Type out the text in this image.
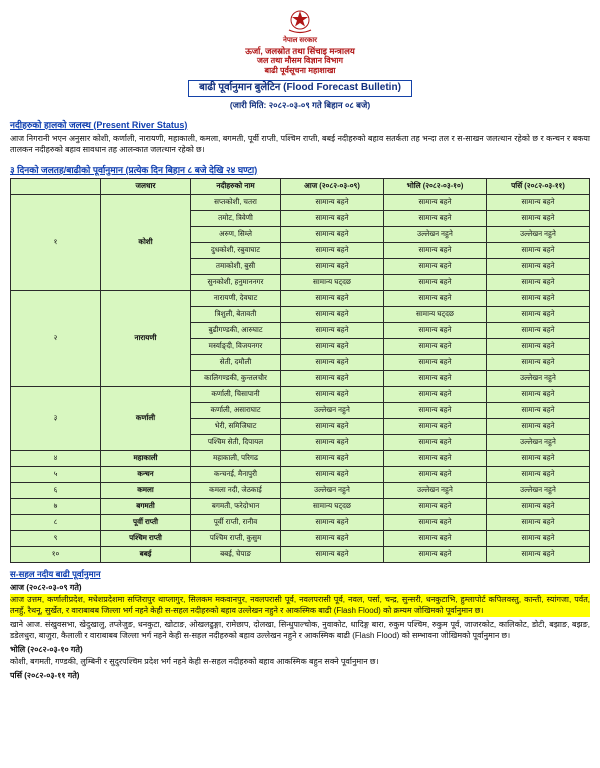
नेपाल सरकार
ऊर्जा, जलस्रोत तथा सिंचाइ मन्त्रालय
जल तथा मौसम विज्ञान विभाग
बाढी पूर्वसूचना महाशाखा
बाढी पूर्वानुमान बुलेटिन (Flood Forecast Bulletin)
(जारी मिति: २०८२-०३-०९ गते बिहान ०८ बजे)
नदीहरुको हालको जलस्थ (Present River Status)
आज निगरानी भएन अनुसार कोशी, कर्णाली, नारायणी, महाकाली, कमला, बगमती, पूर्वी राप्ती, पश्चिम राप्ती, बबई नदीहरुको बहाव सतर्कता तह भन्दा तल र स-साखन जलत्थान रहेको छ र कन्चन र बकया तालकन नदीहरुको बहाव सावधान तह आलन्कात जलत्थान रहेको छ।
३ दिनको जलतह/बाढीको पूर्वानुमान (प्रत्येक दिन बिहान ८ बजे देखि २४ घण्टा)
	जलधार	नदीहरुको नाम	आज (२०८२-०३-०९)	भोलि (२०८२-०३-१०)	पर्सि (२०८२-०३-११)
१	कोशी	सप्तकोशी, चतरा	सामान्य बहने	सामान्य बहने	सामान्य बहने
		तमोट, त्रिवेणी	सामान्य बहने	सामान्य बहने	सामान्य बहने
		अरुण, सिम्ले	सामान्य बहने	उल्लेखन नहुने	उल्लेखन नहुने
		दुधकोशी, रबुवाघाट	सामान्य बहने	सामान्य बहने	सामान्य बहने
		तमाकोशी, बुसी	सामान्य बहने	सामान्य बहने	सामान्य बहने
		सुनकोशी, हनुमाननगर	सामान्य घट्दछ	सामान्य बहने	सामान्य बहने
२	नारायणी	नारायणी, देवघाट	सामान्य बहने	सामान्य बहने	सामान्य बहने
		त्रिशुली, बेतावती	सामान्य बहने	सामान्य घट्दछ	सामान्य बहने
		बुढीगण्डकी, आरुघाट	सामान्य बहने	सामान्य बहने	सामान्य बहने
		मर्स्याङ्दी, विजयनगर	सामान्य बहने	सामान्य बहने	सामान्य बहने
		सेती, दमौली	सामान्य बहने	सामान्य बहने	सामान्य बहने
		कालिगण्डकी, कुन्तलचौर	सामान्य बहने	सामान्य बहने	उल्लेखन नहुने
३	कर्णाली	कर्णाली, चिसापानी	सामान्य बहने	सामान्य बहने	सामान्य बहने
		कर्णाली, असाराघाट	उल्लेखन नहुने	सामान्य बहने	सामान्य बहने
		भेरी, समिजिघाट	सामान्य बहने	सामान्य बहने	सामान्य बहने
		पश्चिम सेती, दिपायल	सामान्य बहने	सामान्य बहने	उल्लेखन नहुने
४	महाकाली	महाकाली, परिगढ	सामान्य बहने	सामान्य बहने	सामान्य बहने
५	कन्चन	कन्चनई, मैनापुरी	सामान्य बहने	सामान्य बहने	सामान्य बहने
६	कमला	कमला नदी, जेठकाई	उल्लेखन नहुने	उल्लेखन नहुने	उल्लेखन नहुने
७	बगमती	बगमती, फरेदोभान	सामान्य घट्दछ	सामान्य बहने	सामान्य बहने
८	पूर्वी राप्ती	पूर्वी राप्ती, रानीव	सामान्य बहने	सामान्य बहने	सामान्य बहने
९	पश्चिम राप्ती	पश्चिम राप्ती, कुसुम	सामान्य बहने	सामान्य बहने	सामान्य बहने
१०	बबई	बबई, चेपाङ	सामान्य बहने	सामान्य बहने	सामान्य बहने
स-सहल नदीय बाढी पूर्वानुमान
आज (२०८२-०३-०९ गते)
आज उत्तम, कर्णालीप्रदेश, मधेशप्रदेशमा सप्तिरापुर थाप्लागुर, सिलकम मकवानपुर, नवलपरासी पूर्व, नवलपरासी पूर्व, नवल, पर्सा, चन्द्र, सुन्सरी, धनकुटाभि, हुम्लापोर्ट कपिलवस्तु, कान्ती, स्यांगजा, पर्वत, तनहुँ, रैथनू, सुर्खेत, र वाराबाबब जिल्ला भर्ग नहने केही स-सहल नदीहरुको बहाव उल्लेखन नहुने र आकस्मिक बाढी (Flash Flood) को क्रम्यम जोखिमको पूर्वानुमान छ।
खाने आज. संखुवसभा, खेदुखालु, तप्लेजुङ, धनकुटा, खोटाङ, ओखलढुङ्गा, रामेछाप, दोलखा, सिन्धुपाल्चोक, नुवाकोट, धादिङ्ग बारा, रुकुम पश्चिम, रुकुम पूर्व, जाजरकोट, कालिकोट, डोटी, बझाङ, बझङ, डडेलधुरा, बाजुरा, कैलाली र वाराबाबब जिल्ला भर्ग नहने केही स-सहल नदीहरुको बहाव उल्लेखन नहुने र आकस्मिक बाढी (Flash Flood) को सम्भावना जोखिमको पूर्वानुमान छ।
भोलि (२०८२-०३-१० गते)
कोशी, बगमती, गण्डकी, लुम्बिनी र सुदुरपश्चिम प्रदेश भर्ग नहने केही स-सहल नदीहरुको बहाव आकस्मिक बहुन सक्ने पूर्वानुमान छ।
पर्सि (२०८२-०३-११ गते)
